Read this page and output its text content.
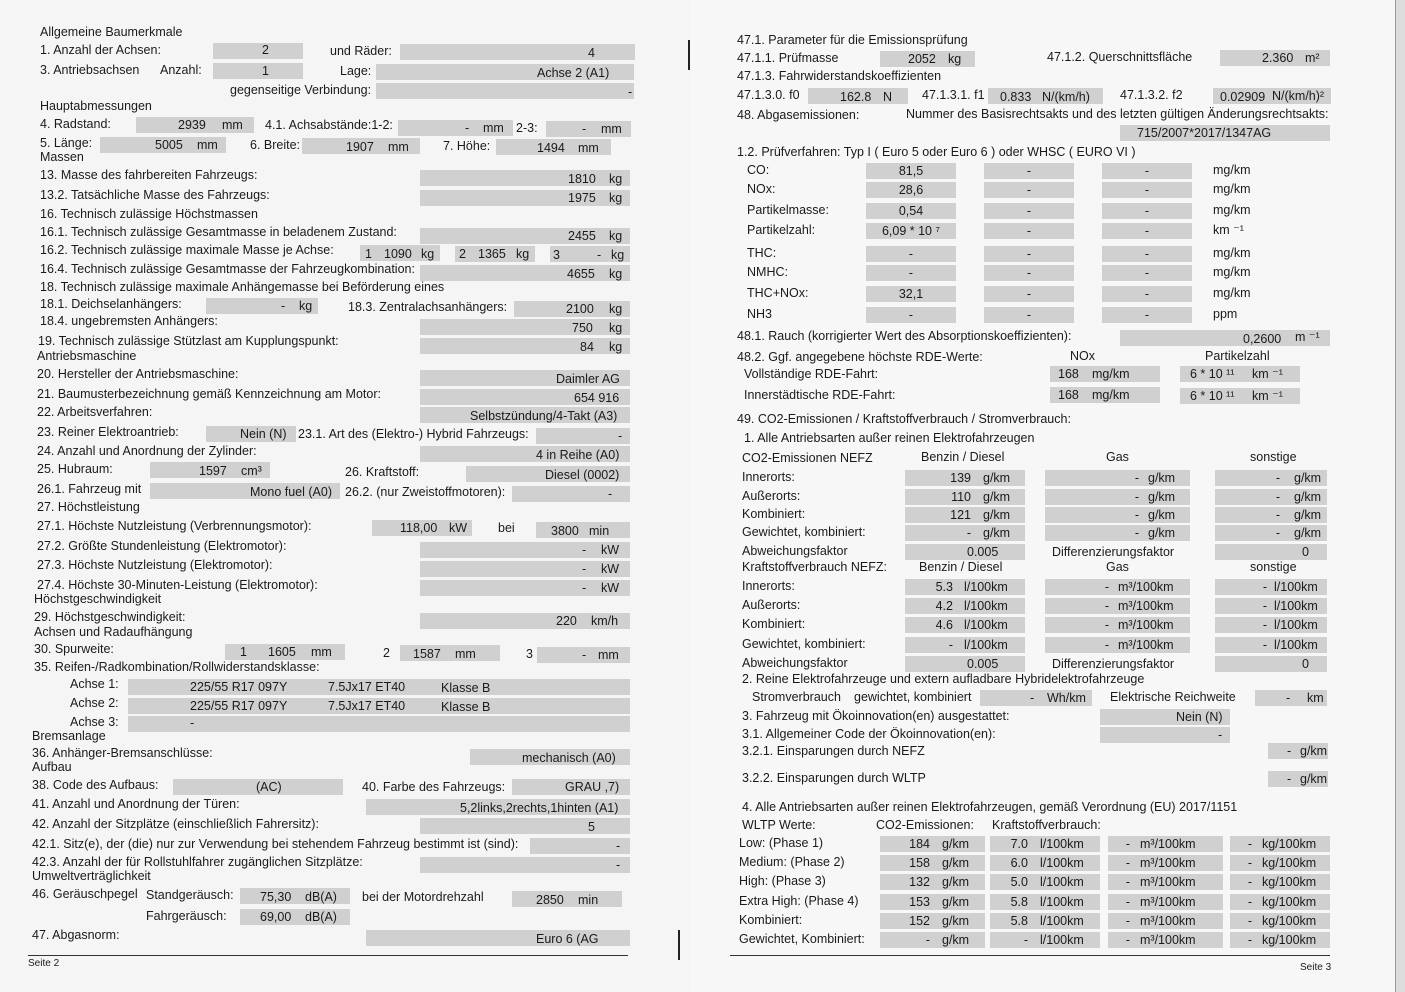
Allgemeine Baumerkmale
1. Anzahl der Achsen:	2	und Räder:	4
3. Antriebsachsen Anzahl:	1	Lage:	Achse 2 (A1)
gegenseitige Verbindung:	-
Hauptabmessungen
4. Radstand:	2939 mm 4.1. Achsabstände:1-2:	- mm 2-3:	- mm
5. Länge:	5005 mm	6. Breite:	1907 mm	7. Höhe:	1494 mm
Massen
13. Masse des fahrbereiten Fahrzeugs:	1810 kg
13.2. Tatsächliche Masse des Fahrzeugs:	1975 kg
16. Technisch zulässige Höchstmassen
16.1. Technisch zulässige Gesamtmasse in beladenem Zustand:	2455 kg
16.2. Technisch zulässige maximale Masse je Achse:	1 1090 kg 2 1365 kg 3	- kg
16.4. Technisch zulässige Gesamtmasse der Fahrzeugkombination:	4655 kg
18. Technisch zulässige maximale Anhängemasse bei Beförderung eines
18.1. Deichselanhängers:	- kg	18.3. Zentralachsanhängers:	2100 kg
18.4. ungebremsten Anhängers:	750 kg
19. Technisch zulässige Stützlast am Kupplungspunkt:	84 kg
Antriebsmaschine
20. Hersteller der Antriebsmaschine:	Daimler AG
21. Baumusterbezeichnung gemäß Kennzeichnung am Motor:	654 916
22. Arbeitsverfahren:	Selbstzündung/4-Takt (A3)
23. Reiner Elektroantrieb:	Nein (N) 23.1. Art des (Elektro-) Hybrid Fahrzeugs:	-
24. Anzahl und Anordnung der Zylinder:	4 in Reihe (A0)
25. Hubraum:	1597 cm³	26. Kraftstoff:	Diesel (0002)
26.1. Fahrzeug mit	Mono fuel (A0) 26.2. (nur Zweistoffmotoren):	-
27. Höchstleistung
27.1. Höchste Nutzleistung (Verbrennungsmotor):	118,00 kW bei	3800 min
27.2. Größte Stundenleistung (Elektromotor):	- kW
27.3. Höchste Nutzleistung (Elektromotor):	- kW
27.4. Höchste 30-Minuten-Leistung (Elektromotor):	- kW
Höchstgeschwindigkeit
29. Höchstgeschwindigkeit:	220 km/h
Achsen und Radaufhängung
30. Spurweite:	1 1605 mm	2 1587 mm	3	- mm
35. Reifen-/Radkombination/Rollwiderstandsklasse:
Achse 1:	225/55 R17 097Y	7.5Jx17 ET40	Klasse B
Achse 2:	225/55 R17 097Y	7.5Jx17 ET40	Klasse B
Achse 3:	-
Bremsanlage
36. Anhänger-Bremsanschlüsse:	mechanisch (A0)
Aufbau
38. Code des Aufbaus:	(AC)	40. Farbe des Fahrzeugs:	GRAU ,7)
41. Anzahl und Anordnung der Türen:	5,2links,2rechts,1hinten (A1)
42. Anzahl der Sitzplätze (einschließlich Fahrersitz):	5
42.1. Sitz(e), der (die) nur zur Verwendung bei stehendem Fahrzeug bestimmt ist (sind):	-
42.3. Anzahl der für Rollstuhlfahrer zugänglichen Sitzplätze:	-
Umweltverträglichkeit
46. Geräuschpegel Standgeräusch: 75,30 dB(A) bei der Motordrehzahl	2850 min
Fahrgeräusch:	69,00 dB(A)
47. Abgasnorm:	Euro 6 (AG
Seite 2
47.1. Parameter für die Emissionsprüfung
47.1.1. Prüfmasse	2052 kg	47.1.2. Querschnittsfläche	2.360 m²
47.1.3. Fahrwiderstandskoeffizienten
47.1.3.0. f0	162.8 N 47.1.3.1. f1 0.833 N/(km/h) 47.1.3.2. f2	0.02909 N/(km/h)²
48. Abgasemissionen:	Nummer des Basisrechtsakts und des letzten gültigen Änderungsrechtsakts:
715/2007*2017/1347AG
1.2. Prüfverfahren: Typ I ( Euro 5 oder Euro 6 ) oder WHSC ( EURO VI )
CO:	81,5	-	-	mg/km
NOx:	28,6	-	-	mg/km
Partikelmasse:	0,54	-	-	mg/km
Partikelzahl:	6,09 * 10 ⁷	-	-	km ⁻¹
THC:	-	-	-	mg/km
NMHC:	-	-	-	mg/km
THC+NOx:	32,1	-	-	mg/km
NH3	-	-	-	ppm
48.1. Rauch (korrigierter Wert des Absorptionskoeffizienten):	0,2600 m ⁻¹
48.2. Ggf. angegebene höchste RDE-Werte:	NOx	Partikelzahl
Vollständige RDE-Fahrt:	168 mg/km	6 * 10 ¹¹ km ⁻¹
Innerstädtische RDE-Fahrt:	168 mg/km	6 * 10 ¹¹ km ⁻¹
49. CO2-Emissionen / Kraftstoffverbrauch / Stromverbrauch:
1. Alle Antriebsarten außer reinen Elektrofahrzeugen
CO2-Emissionen NEFZ	Benzin / Diesel	Gas	sonstige
Innerorts:	139 g/km	- g/km	- g/km
Außerorts:	110 g/km	- g/km	- g/km
Kombiniert:	121 g/km	- g/km	- g/km
Gewichtet, kombiniert:	- g/km	- g/km	- g/km
Abweichungsfaktor	0.005	Differenzierungsfaktor	0
Kraftstoffverbrauch NEFZ:	Benzin / Diesel	Gas	sonstige
Innerorts:	5.3 l/100km	- m³/100km	- l/100km
Außerorts:	4.2 l/100km	- m³/100km	- l/100km
Kombiniert:	4.6 l/100km	- m³/100km	- l/100km
Gewichtet, kombiniert:	- l/100km	- m³/100km	- l/100km
Abweichungsfaktor	0.005	Differenzierungsfaktor	0
2. Reine Elektrofahrzeuge und extern aufladbare Hybridelektrofahrzeuge
Stromverbrauch gewichtet, kombiniert	- Wh/km Elektrische Reichweite	- km
3. Fahrzeug mit Ökoinnovation(en) ausgestattet:	Nein (N)
3.1. Allgemeiner Code der Ökoinnovation(en):	-
3.2.1. Einsparungen durch NEFZ	- g/km
3.2.2. Einsparungen durch WLTP	- g/km
4. Alle Antriebsarten außer reinen Elektrofahrzeugen, gemäß Verordnung (EU) 2017/1151
WLTP Werte:	CO2-Emissionen: Kraftstoffverbrauch:
Low: (Phase 1)	184 g/km	7.0 l/100km	- m³/100km	- kg/100km
Medium: (Phase 2)	158 g/km	6.0 l/100km	- m³/100km	- kg/100km
High: (Phase 3)	132 g/km	5.0 l/100km	- m³/100km	- kg/100km
Extra High: (Phase 4)	153 g/km	5.8 l/100km	- m³/100km	- kg/100km
Kombiniert:	152 g/km	5.8 l/100km	- m³/100km	- kg/100km
Gewichtet, Kombiniert:	- g/km	- l/100km	- m³/100km	- kg/100km
Seite 3
